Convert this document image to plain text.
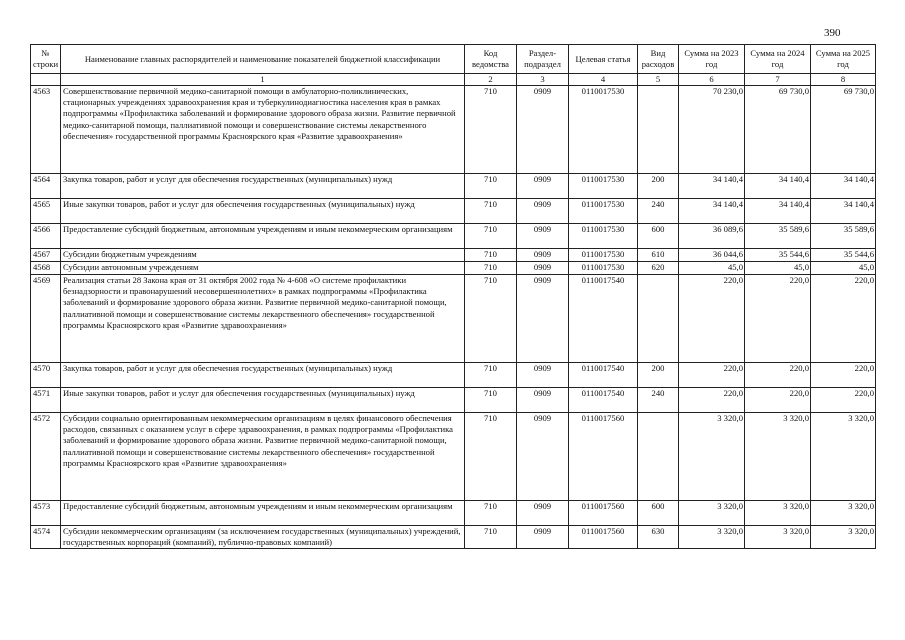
390
№ строки	Наименование главных распорядителей и наименование показателей бюджетной классификации	Код ведомства	Раздел-подраздел	Целевая статья	Вид расходов	Сумма на 2023 год	Сумма на 2024 год	Сумма на 2025 год
	1	2	3	4	5	6	7	8
4563	Совершенствование первичной медико-санитарной помощи в амбулаторно-поликлинических, стационарных учреждениях здравоохранения края и туберкулинодиагностика населения края в рамках подпрограммы «Профилактика заболеваний и формирование здорового образа жизни. Развитие первичной медико-санитарной помощи, паллиативной помощи и совершенствование системы лекарственного обеспечения» государственной программы Красноярского края «Развитие здравоохранения»	710	0909	0110017530		70 230,0	69 730,0	69 730,0
4564	Закупка товаров, работ и услуг для обеспечения государственных (муниципальных) нужд	710	0909	0110017530	200	34 140,4	34 140,4	34 140,4
4565	Иные закупки товаров, работ и услуг для обеспечения государственных (муниципальных) нужд	710	0909	0110017530	240	34 140,4	34 140,4	34 140,4
4566	Предоставление субсидий бюджетным, автономным учреждениям и иным некоммерческим организациям	710	0909	0110017530	600	36 089,6	35 589,6	35 589,6
4567	Субсидии бюджетным учреждениям	710	0909	0110017530	610	36 044,6	35 544,6	35 544,6
4568	Субсидии автономным учреждениям	710	0909	0110017530	620	45,0	45,0	45,0
4569	Реализация статьи 28 Закона края от 31 октября 2002 года № 4-608 «О системе профилактики безнадзорности и правонарушений несовершеннолетних» в рамках подпрограммы «Профилактика заболеваний и формирование здорового образа жизни. Развитие первичной медико-санитарной помощи, паллиативной помощи и совершенствование системы лекарственного обеспечения» государственной программы Красноярского края «Развитие здравоохранения»	710	0909	0110017540		220,0	220,0	220,0
4570	Закупка товаров, работ и услуг для обеспечения государственных (муниципальных) нужд	710	0909	0110017540	200	220,0	220,0	220,0
4571	Иные закупки товаров, работ и услуг для обеспечения государственных (муниципальных) нужд	710	0909	0110017540	240	220,0	220,0	220,0
4572	Субсидии социально ориентированным некоммерческим организациям в целях финансового обеспечения расходов, связанных с оказанием услуг в сфере здравоохранения, в рамках подпрограммы «Профилактика заболеваний и формирование здорового образа жизни. Развитие первичной медико-санитарной помощи, паллиативной помощи и совершенствование системы лекарственного обеспечения» государственной программы Красноярского края «Развитие здравоохранения»	710	0909	0110017560		3 320,0	3 320,0	3 320,0
4573	Предоставление субсидий бюджетным, автономным учреждениям и иным некоммерческим организациям	710	0909	0110017560	600	3 320,0	3 320,0	3 320,0
4574	Субсидии некоммерческим организациям (за исключением государственных (муниципальных) учреждений, государственных корпораций (компаний), публично-правовых компаний)	710	0909	0110017560	630	3 320,0	3 320,0	3 320,0
